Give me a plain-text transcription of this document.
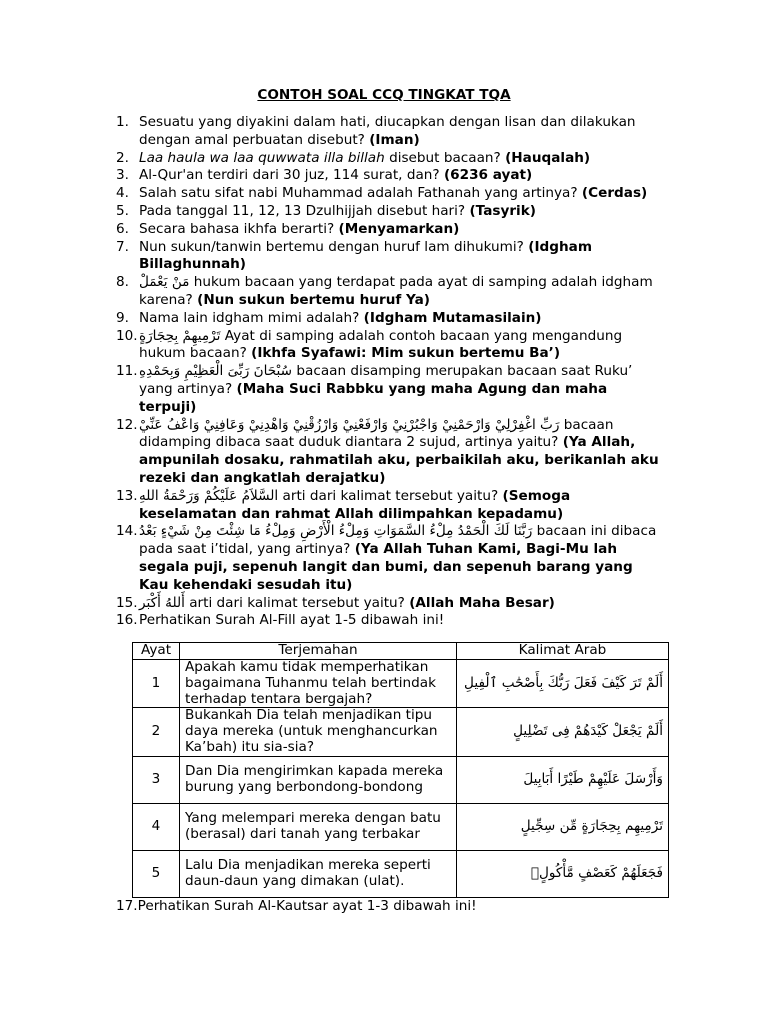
CONTOH SOAL CCQ TINGKAT TQA
1. Sesuatu yang diyakini dalam hati, diucapkan dengan lisan dan dilakukan dengan amal perbuatan disebut? (Iman)
2. Laa haula wa laa quwwata illa billah disebut bacaan? (Hauqalah)
3. Al-Qur'an terdiri dari 30 juz, 114 surat, dan? (6236 ayat)
4. Salah satu sifat nabi Muhammad adalah Fathanah yang artinya? (Cerdas)
5. Pada tanggal 11, 12, 13 Dzulhijjah disebut hari? (Tasyrik)
6. Secara bahasa ikhfa berarti? (Menyamarkan)
7. Nun sukun/tanwin bertemu dengan huruf lam dihukumi? (Idgham Billaghunnah)
8. مَنْ يَعْمَلْ hukum bacaan yang terdapat pada ayat di samping adalah idgham karena? (Nun sukun bertemu huruf Ya)
9. Nama lain idgham mimi adalah? (Idgham Mutamasilain)
10. تَرْمِيهِمْ بِحِجَارَةٍ Ayat di samping adalah contoh bacaan yang mengandung hukum bacaan? (Ikhfa Syafawi: Mim sukun bertemu Ba’)
11. سُبْحَانَ رَبِّىَ الْعَظِيْمِ وَبِحَمْدِهِ bacaan disamping merupakan bacaan saat Ruku’ yang artinya? (Maha Suci Rabbku yang maha Agung dan maha terpuji)
12. رَبِّ اغْفِرْلِيْ وَارْحَمْنِيْ وَاجْبُرْنِيْ وَارْفَعْنِيْ وَارْزُقْنِيْ وَاهْدِنِيْ وَعَافِنِيْ وَاعْفُ عَنِّيْ bacaan didamping dibaca saat duduk diantara 2 sujud, artinya yaitu? (Ya Allah, ampunilah dosaku, rahmatilah aku, perbaikilah aku, berikanlah aku rezeki dan angkatlah derajatku)
13. السَّلاَمُ عَلَيْكُمْ وَرَحْمَةُ اللهِ arti dari kalimat tersebut yaitu? (Semoga keselamatan dan rahmat Allah dilimpahkan kepadamu)
14. رَبَّنَا لَكَ الْحَمْدُ مِلْءُ السَّمَوَاتِ وَمِلْءُ الْأَرْضِ وَمِلْءُ مَا شِئْتَ مِنْ شَيْءٍ بَعْدُ bacaan ini dibaca pada saat i’tidal, yang artinya? (Ya Allah Tuhan Kami, Bagi-Mu lah segala puji, sepenuh langit dan bumi, dan sepenuh barang yang Kau kehendaki sesudah itu)
15. أَللهُ أَكْبَر arti dari kalimat tersebut yaitu? (Allah Maha Besar)
16. Perhatikan Surah Al-Fill ayat 1-5 dibawah ini!
Ayat	Terjemahan	Kalimat Arab
1	Apakah kamu tidak memperhatikan bagaimana Tuhanmu telah bertindak terhadap tentara bergajah?	أَلَمْ تَرَ كَيْفَ فَعَلَ رَبُّكَ بِأَصْحَٰبِ ٱلْفِيلِ
2	Bukankah Dia telah menjadikan tipu daya mereka (untuk menghancurkan Ka’bah) itu sia-sia?	أَلَمْ يَجْعَلْ كَيْدَهُمْ فِى تَضْلِيلٍ
3	Dan Dia mengirimkan kapada mereka burung yang berbondong-bondong	وَأَرْسَلَ عَلَيْهِمْ طَيْرًا أَبَابِيلَ
4	Yang melempari mereka dengan batu (berasal) dari tanah yang terbakar	تَرْمِيهِم بِحِجَارَةٍ مِّن سِجِّيلٍ
5	Lalu Dia menjadikan mereka seperti daun-daun yang dimakan (ulat).	فَجَعَلَهُمْ كَعَصْفٍ مَّأْكُولٍۭ
17.Perhatikan Surah Al-Kautsar ayat 1-3 dibawah ini!
